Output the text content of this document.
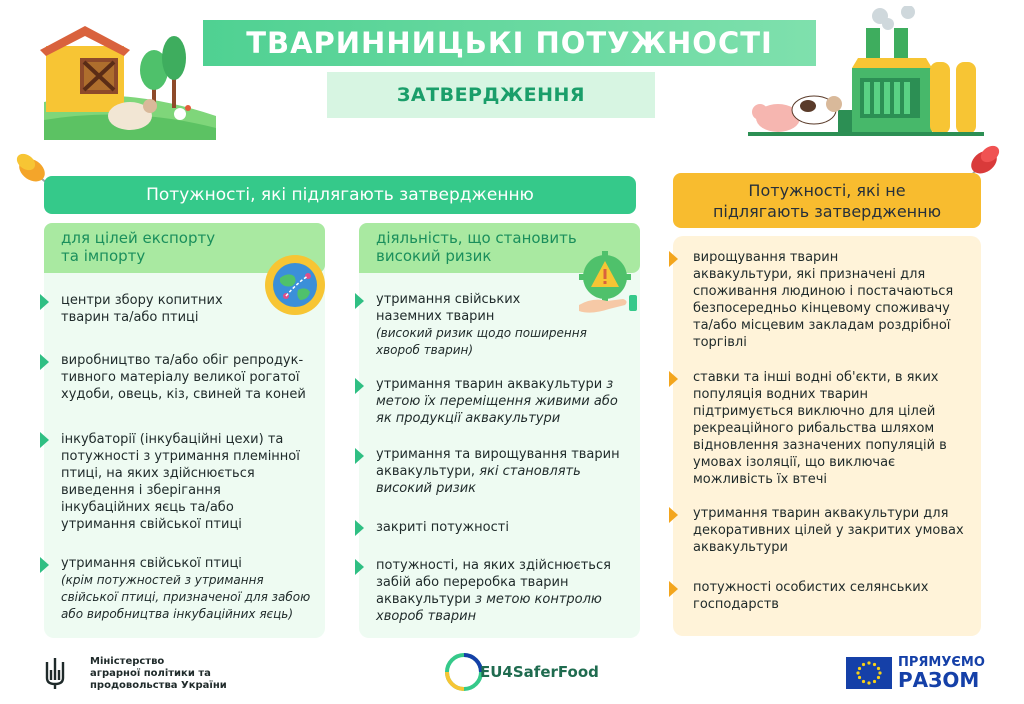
ТВАРИННИЦЬКІ ПОТУЖНОСТІ
ЗАТВЕРДЖЕННЯ
Потужності, які підлягають затвердженню	Потужності, які не
підлягають затвердженню
для цілей експорту
та імпорту
центри збору копитних
тварин та/або птиці
виробництво та/або обіг репродук-
тивного матеріалу великої рогатої
худоби, овець, кіз, свиней та коней
інкубаторії (інкубаційні цехи) та
потужності з утримання племінної
птиці, на яких здійснюється
виведення і зберігання
інкубаційних яєць та/або
утримання свійської птиці
утримання свійської птиці
(крім потужностей з утримання
свійської птиці, призначеної для забою
або виробництва інкубаційних яєць)
діяльність, що становить
високий ризик
утримання свійських
наземних тварин
(високий ризик щодо поширення
хвороб тварин)
утримання тварин аквакультури з
метою їх переміщення живими або
як продукції аквакультури
утримання та вирощування тварин
аквакультури, які становлять
високий ризик
закриті потужності
потужності, на яких здійснюється
забій або переробка тварин
аквакультури з метою контролю
хвороб тварин
вирощування тварин
аквакультури, які призначені для
споживання людиною і постачаються
безпосередньо кінцевому споживачу
та/або місцевим закладам роздрібної
торгівлі
ставки та інші водні об'єкти, в яких
популяція водних тварин
підтримується виключно для цілей
рекреаційного рибальства шляхом
відновлення зазначених популяцій в
умовах ізоляції, що виключає
можливість їх втечі
утримання тварин аквакультури для
декоративних цілей у закритих умовах
аквакультури
потужності особистих селянських
господарств
Міністерство
аграрної політики та
продовольства України
EU4SaferFood
ПРЯМУЄМО
РАЗОМ
